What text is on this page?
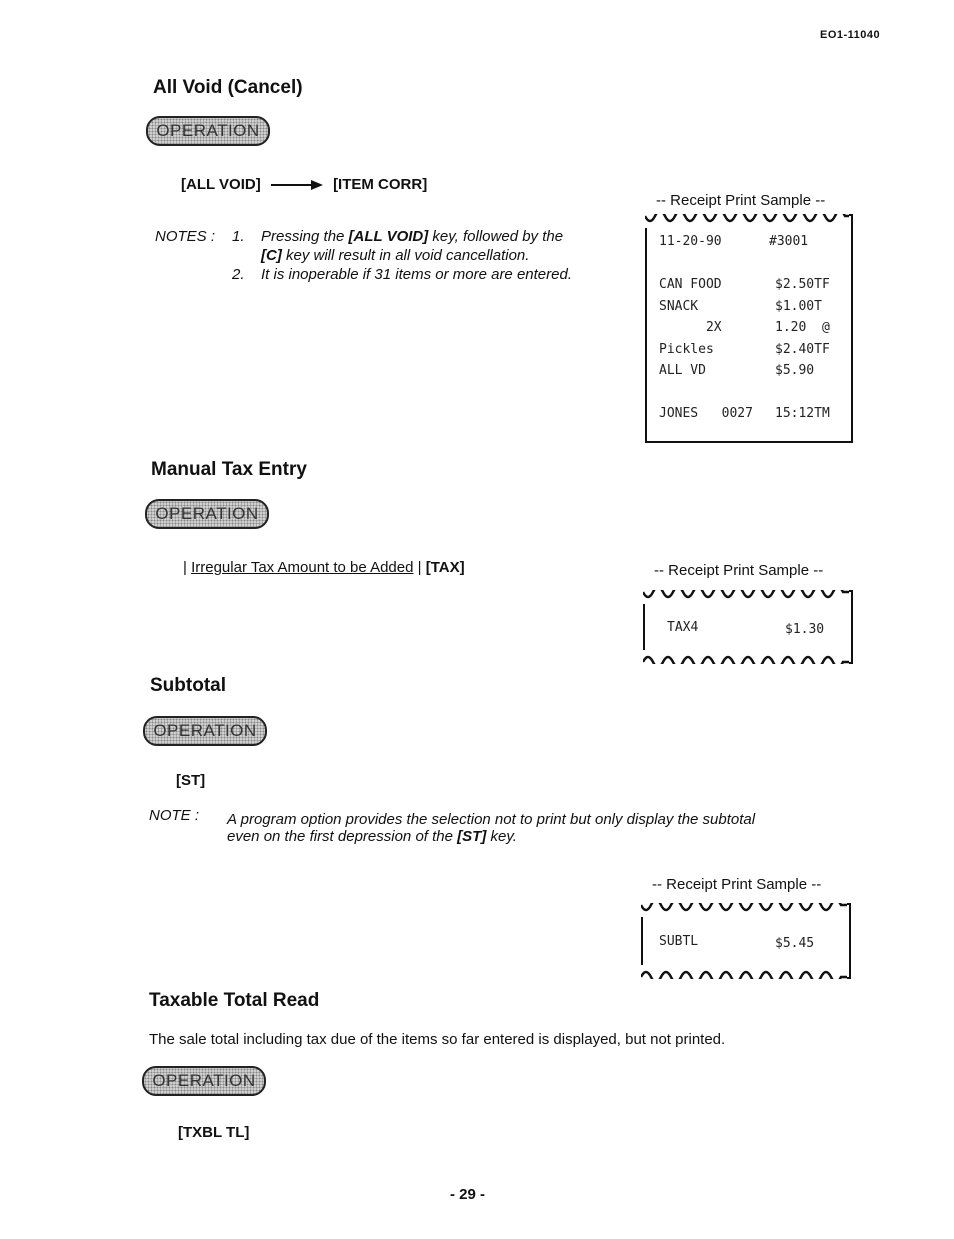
EO1-11040
All Void (Cancel)
OPERATION
[ALL VOID]	[ITEM CORR]
NOTES : 1. Pressing the [ALL VOID] key, followed by the
[C] key will result in all void cancellation.
2. It is inoperable if 31 items or more are entered.
-- Receipt Print Sample --
11-20-90	#3001
CAN FOOD	$2.50TF
SNACK	$1.00T
2X	1.20  @
Pickles	$2.40TF
ALL VD	$5.90
JONES   0027 15:12TM
Manual Tax Entry
OPERATION
| Irregular Tax Amount to be Added | [TAX]	-- Receipt Print Sample --
TAX4	$1.30
Subtotal
OPERATION
[ST]
NOTE : A program option provides the selection not to print but only display the subtotal
even on the first depression of the [ST] key.
-- Receipt Print Sample --
SUBTL	$5.45
Taxable Total Read
The sale total including tax due of the items so far entered is displayed, but not printed.
OPERATION
[TXBL TL]
- 29 -
